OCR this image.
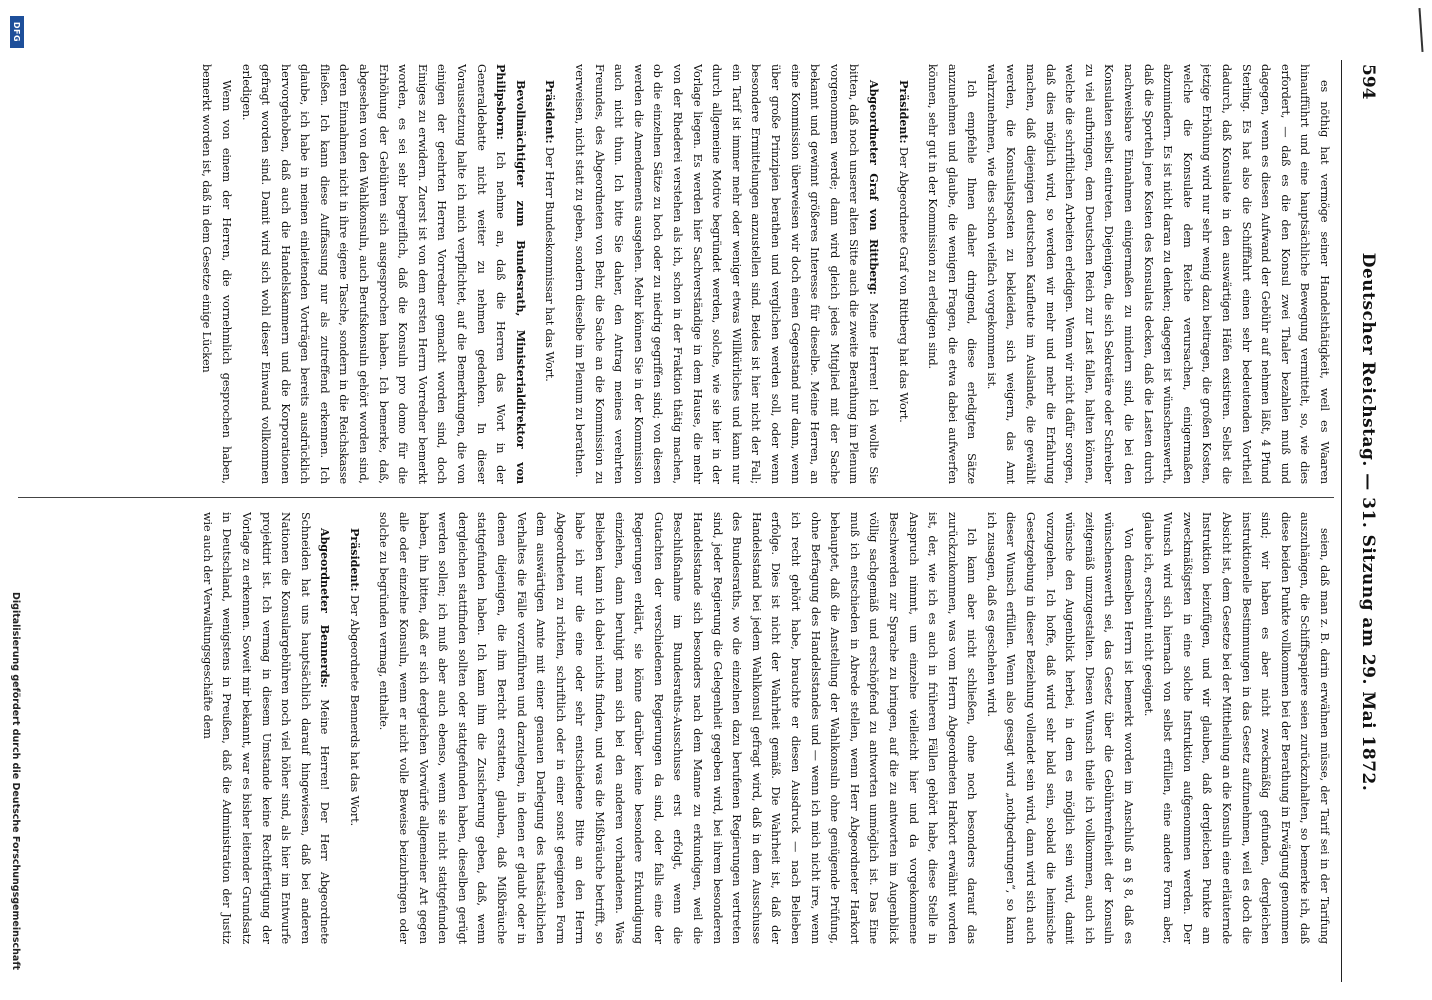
594
Deutscher Reichstag. — 31. Sitzung am 29. Mai 1872.

es nöthig hat vermöge seiner Handelsthätigkeit, weil es Waaren hinaufführt und eine hauptsächliche Bewegung vermittelt, so, wie dies erfordert, — daß es die den Konsul zwei Thaler bezahlen muß und dagegen, wenn es diesen Aufwand der Gebühr auf nehmen läßt, 4 Pfund Sterling. Es hat also die Schifffahrt einen sehr bedeutenden Vortheil dadurch, daß Konsulate in den auswärtigen Häfen existiren. Selbst die jetzige Erhöhung wird nur sehr wenig dazu beitragen, die großen Kosten, welche die Konsulate dem Reiche verursachen, einigermaßen abzumindern. Es ist nicht daran zu denken; dagegen ist wünschenswerth, daß die Sporteln jene Kosten des Konsulats decken, daß die Lasten durch nachweisbare Einnahmen einigermaßen zu mindern sind, die bei den Konsulaten selbst eintreten. Diejenigen, die sich Sekretäre oder Schreiber zu viel aufbringen, dem Deutschen Reich zur Last fallen, halten können, welche die schriftlichen Arbeiten erledigen. Wenn wir nicht dafür sorgen, daß dies möglich wird, so werden wir mehr und mehr die Erfahrung machen, daß diejenigen deutschen Kaufleute im Auslande, die gewählt werden, die Konsulatsposten zu bekleiden, sich weigern, das Amt wahrzunehmen, wie dies schon vielfach vorgekommen ist.

Ich empfehle Ihnen daher dringend, diese erledigten Sätze anzunehmen und glaube, die wenigen Fragen, die etwa dabei aufwerfen können, sehr gut in der Kommission zu erledigen sind.

Präsident: Der Abgeordnete Graf von Rittberg hat das Wort.

Abgeordneter Graf von Rittberg: Meine Herren! Ich wollte Sie bitten, daß noch unserer alten Sitte auch die zweite Berathung im Plenum vorgenommen werde; dann wird gleich jedes Mitglied mit der Sache bekannt und gewinnt größeres Interesse für dieselbe. Meine Herren, an eine Kommission überweisen wir doch einen Gegenstand nur dann, wenn über große Prinzipien berathen und verglichen werden soll, oder wenn besondere Ermittelungen anzustellen sind. Beides ist hier nicht der Fall; ein Tarif ist immer mehr oder weniger etwas Willkürliches und kann nur durch allgemeine Motive begründet werden, solche, wie sie hier in der Vorlage liegen. Es werden hier Sachverständige in dem Hause, die mehr von der Rhederei verstehen als ich, schon in der Fraktion thätig machen, ob die einzelnen Sätze zu hoch oder zu niedrig gegriffen sind; von diesen werden die Amendements ausgehen. Mehr können Sie in der Kommission auch nicht thun. Ich bitte Sie daher, den Antrag meines verehrten Freundes, des Abgeordneten von Behr, die Sache an die Kommission zu verweisen, nicht statt zu geben, sondern dieselbe im Plenum zu berathen.

Präsident: Der Herr Bundeskommissar hat das Wort.

Bevollmächtigter zum Bundesrath, Ministerialdirektor von Philipsborn: Ich nehme an, daß die Herren das Wort in der Generaldebatte nicht weiter zu nehmen gedenken. In dieser Voraussetzung halte ich mich verpflichtet, auf die Bemerkungen, die von einigen der geehrten Herren Vorredner gemacht worden sind, doch Einiges zu erwidern. Zuerst ist von dem ersten Herrn Vorredner bemerkt worden, es sei sehr begreiflich, daß die Konsuln pro domo für die Erhöhung der Gebühren sich ausgesprochen haben. Ich bemerke, daß, abgesehen von den Wahlkonsuln, auch Berufskonsuln gehört worden sind, deren Einnahmen nicht in ihre eigene Tasche, sondern in die Reichskasse fließen. Ich kann diese Auffassung nur als zutreffend erkennen. Ich glaube, ich habe in meinen einleitenden Vorträgen bereits ausdrücklich hervorgehoben, daß auch die Handelskammern und die Korporationen gefragt worden sind. Damit wird sich wohl dieser Einwand vollkommen erledigen.

Wenn von einem der Herren, die vornehmlich gesprochen haben, bemerkt worden ist, daß in dem Gesetze einige Lücken

seien, daß man z. B. darin erwähnen müsse, der Tarif sei in der Tarifung auszuhängen, die Schiffspapiere seien zurückzuhalten, so bemerke ich, daß diese beiden Punkte vollkommen bei der Berathung in Erwägung genommen sind; wir haben es aber nicht zweckmäßig gefunden, dergleichen instruktionelle Bestimmungen in das Gesetz aufzunehmen, weil es doch die Absicht ist, dem Gesetze bei der Mittheilung an die Konsuln eine erläuternde Instruktion beizufügen, und wir glauben, daß dergleichen Punkte am zweckmäßigsten in eine solche Instruktion aufgenommen werden. Der Wunsch wird sich hiernach von selbst erfüllen, eine andere Form aber, glaube ich, erscheint nicht geeignet.

Von demselben Herrn ist bemerkt worden im Anschluß an § 8, daß es wünschenswerth sei, das Gesetz über die Gebührenfreiheit der Konsuln zeitgemäß umzugestalten. Diesen Wunsch theile ich vollkommen, auch ich wünsche den Augenblick herbei, in dem es möglich sein wird, damit vorzugehen. Ich hoffe, daß wird sehr bald sein, sobald die heimische Gesetzgebung in dieser Beziehung vollendet sein wird, dann wird sich auch dieser Wunsch erfüllen. Wenn also gesagt wird „nothgedrungen“, so kann ich zusagen, daß es geschehen wird.

Ich kann aber nicht schließen, ohne noch besonders darauf das zurückzukommen, was vom Herrn Abgeordneten Harkort erwähnt worden ist, der, wie ich es auch in früheren Fällen gehört habe, diese Stelle in Anspruch nimmt, um einzelne vielleicht hier und da vorgekommene Beschwerden zur Sprache zu bringen, auf die zu antworten im Augenblick völlig sachgemäß und erschöpfend zu antworten unmöglich ist. Das Eine muß ich entschieden in Abrede stellen, wenn Herr Abgeordneter Harkort behauptet, daß die Anstellung der Wahlkonsuln ohne genügende Prüfung, ohne Befragung des Handelsstandes und — wenn ich mich nicht irre, wenn ich recht gehört habe, brauchte er diesen Ausdruck — nach Belieben erfolge. Dies ist nicht der Wahrheit gemäß. Die Wahrheit ist, daß der Handelsstand bei jedem Wahlkonsul gefragt wird, daß in dem Ausschusse des Bundesraths, wo die einzelnen dazu berufenen Regierungen vertreten sind, jeder Regierung die Gelegenheit gegeben wird, bei ihrem besonderen Handelsstande sich besonders nach dem Manne zu erkundigen, weil die Beschlußnahme im Bundesraths-Ausschusse erst erfolgt, wenn die Gutachten der verschiedenen Regierungen da sind, oder falls eine der Regierungen erklärt, sie könne darüber keine besondere Erkundigung einziehen, dann beruhigt man sich bei den anderen vorhandenen. Was Belieben kann ich dabei nichts finden, und was die Mißbräuche betrifft, so habe ich nur die eine oder sehr entschiedene Bitte an den Herrn Abgeordneten zu richten, schriftlich oder in einer sonst geeigneten Form dem auswärtigen Amte mit einer genauen Darlegung des thatsächlichen Verhaltes die Fälle vorzuführen und darzulegen, in denen er glaubt oder in denen diejenigen, die ihm Bericht erstatten, glauben, daß Mißbräuche stattgefunden haben. Ich kann ihm die Zusicherung geben, daß, wenn dergleichen stattfinden sollten oder stattgefunden haben, dieselben gerügt werden sollen; ich muß aber auch ebenso, wenn sie nicht stattgefunden haben, ihn bitten, daß er sich dergleichen Vorwürfe allgemeiner Art gegen alle oder einzelne Konsuln, wenn er nicht volle Beweise beizubringen oder solche zu begründen vermag, enthalte.

Präsident: Der Abgeordnete Bennerds hat das Wort.

Abgeordneter Bennerds: Meine Herren! Der Herr Abgeordnete Schneiden hat uns hauptsächlich darauf hingewiesen, daß bei anderen Nationen die Konsulargebühren noch viel höher sind, als hier im Entwurfe projektirt ist. Ich vermag in diesem Umstande keine Rechtfertigung der Vorlage zu erkennen. Soweit mir bekannt, war es bisher leitender Grundsatz in Deutschland, wenigstens in Preußen, daß die Administration der Justiz wie auch der Verwaltungsgeschäfte dem

DFG
Digitalisierung gefördert durch die Deutsche Forschungsgemeinschaft
